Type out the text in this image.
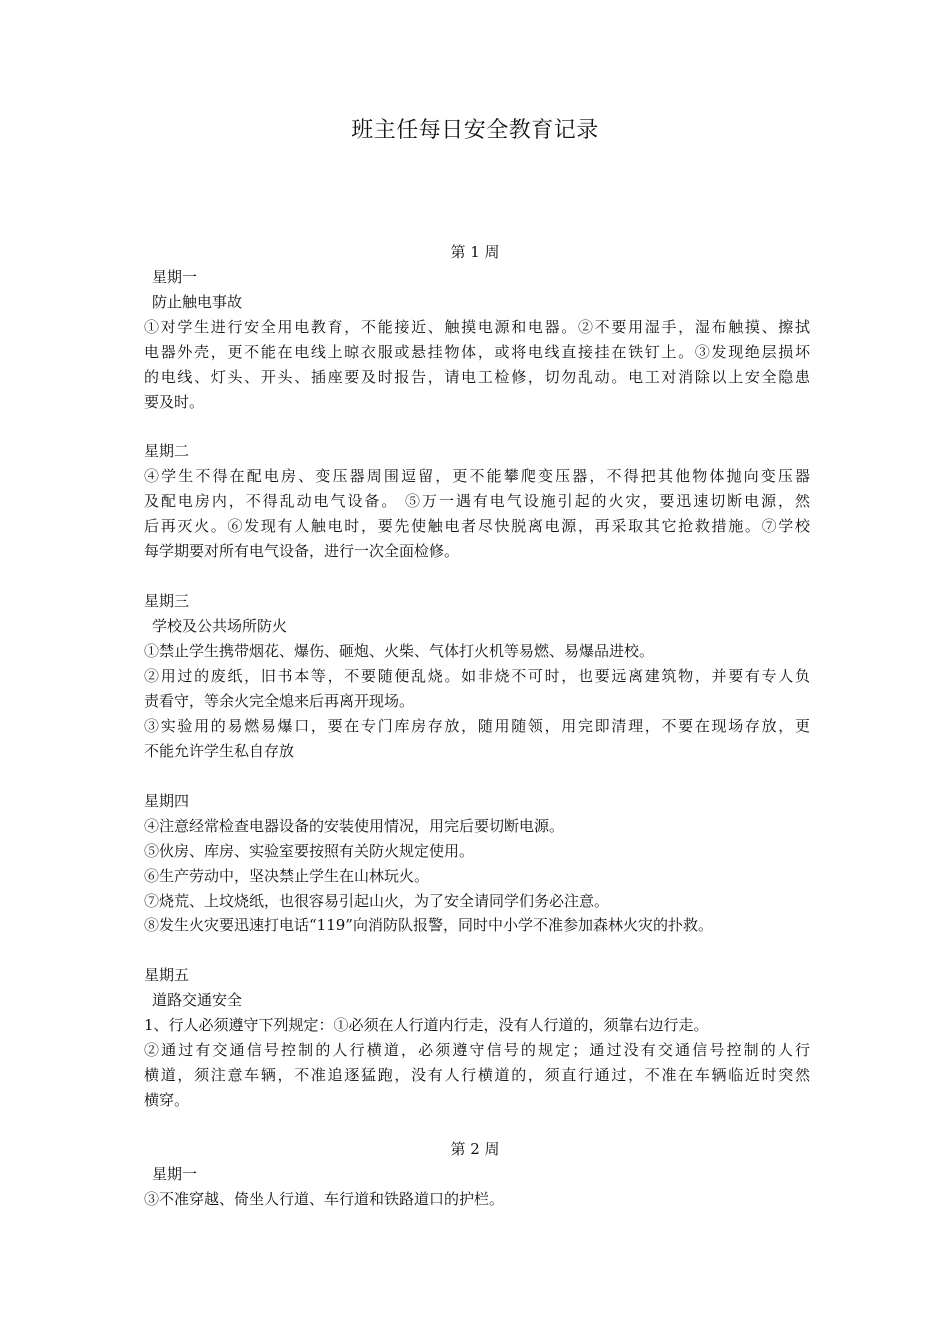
班主任每日安全教育记录
第 1 周
星期一
防止触电事故
①对学生进行安全用电教育，不能接近、触摸电源和电器。②不要用湿手，湿布触摸、擦拭
电器外壳，更不能在电线上晾衣服或悬挂物体，或将电线直接挂在铁钉上。③发现绝层损坏
的电线、灯头、开头、插座要及时报告，请电工检修，切勿乱动。电工对消除以上安全隐患
要及时。
星期二
④学生不得在配电房、变压器周围逗留，更不能攀爬变压器，不得把其他物体抛向变压器
及配电房内，不得乱动电气设备。 ⑤万一遇有电气设施引起的火灾，要迅速切断电源，然
后再灭火。⑥发现有人触电时，要先使触电者尽快脱离电源，再采取其它抢救措施。⑦学校
每学期要对所有电气设备，进行一次全面检修。
星期三
学校及公共场所防火
①禁止学生携带烟花、爆伤、砸炮、火柴、气体打火机等易燃、易爆品进校。
②用过的废纸，旧书本等，不要随便乱烧。如非烧不可时，也要远离建筑物，并要有专人负
责看守，等余火完全熄来后再离开现场。
③实验用的易燃易爆口，要在专门库房存放，随用随领，用完即清理，不要在现场存放，更
不能允许学生私自存放
星期四
④注意经常检查电器设备的安装使用情况，用完后要切断电源。
⑤伙房、库房、实验室要按照有关防火规定使用。
⑥生产劳动中，坚决禁止学生在山林玩火。
⑦烧荒、上坟烧纸，也很容易引起山火，为了安全请同学们务必注意。
⑧发生火灾要迅速打电话“119”向消防队报警，同时中小学不准参加森林火灾的扑救。
星期五
道路交通安全
1、行人必须遵守下列规定：①必须在人行道内行走，没有人行道的，须靠右边行走。
②通过有交通信号控制的人行横道，必须遵守信号的规定；通过没有交通信号控制的人行
横道，须注意车辆，不准追逐猛跑，没有人行横道的，须直行通过，不准在车辆临近时突然
横穿。
第 2 周
星期一
③不准穿越、倚坐人行道、车行道和铁路道口的护栏。
